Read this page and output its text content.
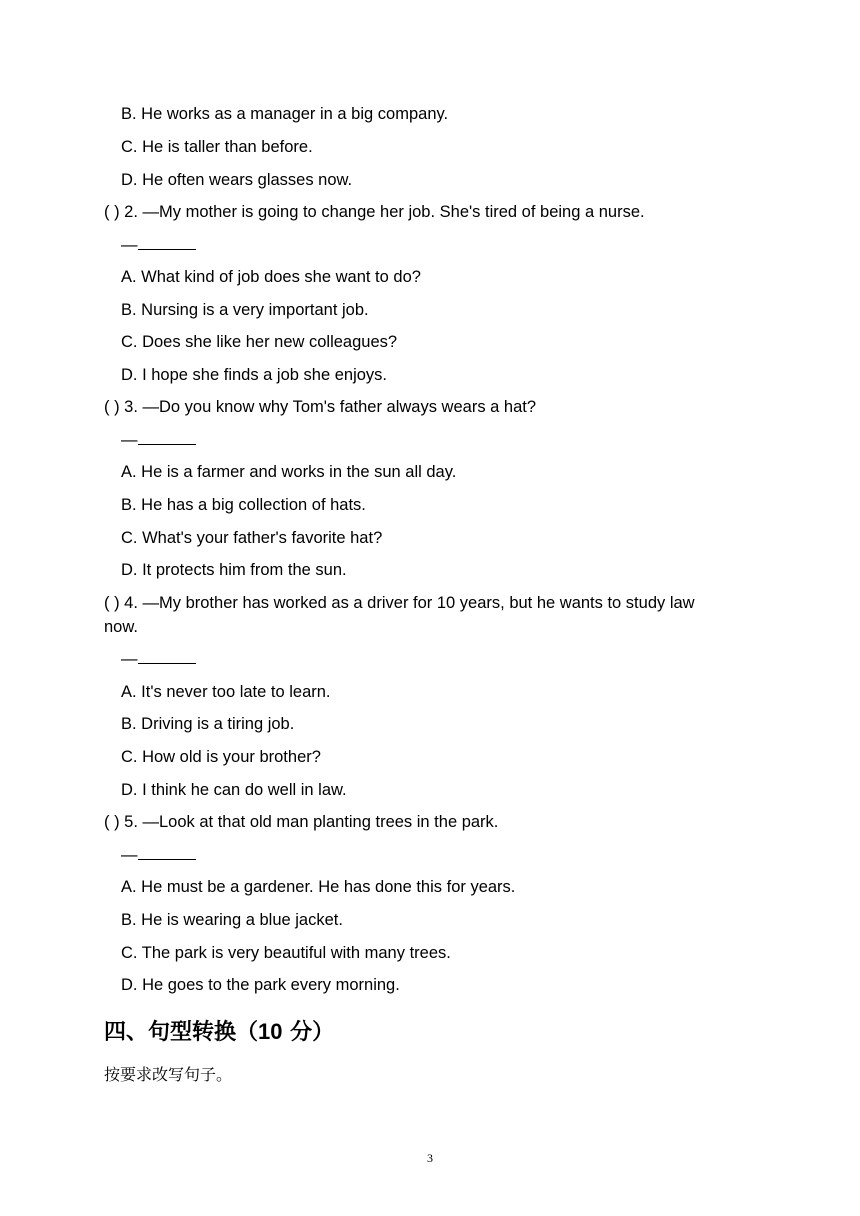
B. He works as a manager in a big company.
C. He is taller than before.
D. He often wears glasses now.
( ) 2. —My mother is going to change her job. She's tired of being a nurse.
—
A. What kind of job does she want to do?
B. Nursing is a very important job.
C. Does she like her new colleagues?
D. I hope she finds a job she enjoys.
( ) 3. —Do you know why Tom's father always wears a hat?
—
A. He is a farmer and works in the sun all day.
B. He has a big collection of hats.
C. What's your father's favorite hat?
D. It protects him from the sun.
( ) 4. —My brother has worked as a driver for 10 years, but he wants to study law
now.
—
A. It's never too late to learn.
B. Driving is a tiring job.
C. How old is your brother?
D. I think he can do well in law.
( ) 5. —Look at that old man planting trees in the park.
—
A. He must be a gardener. He has done this for years.
B. He is wearing a blue jacket.
C. The park is very beautiful with many trees.
D. He goes to the park every morning.
四、句型转换（10 分）
按要求改写句子。
3
